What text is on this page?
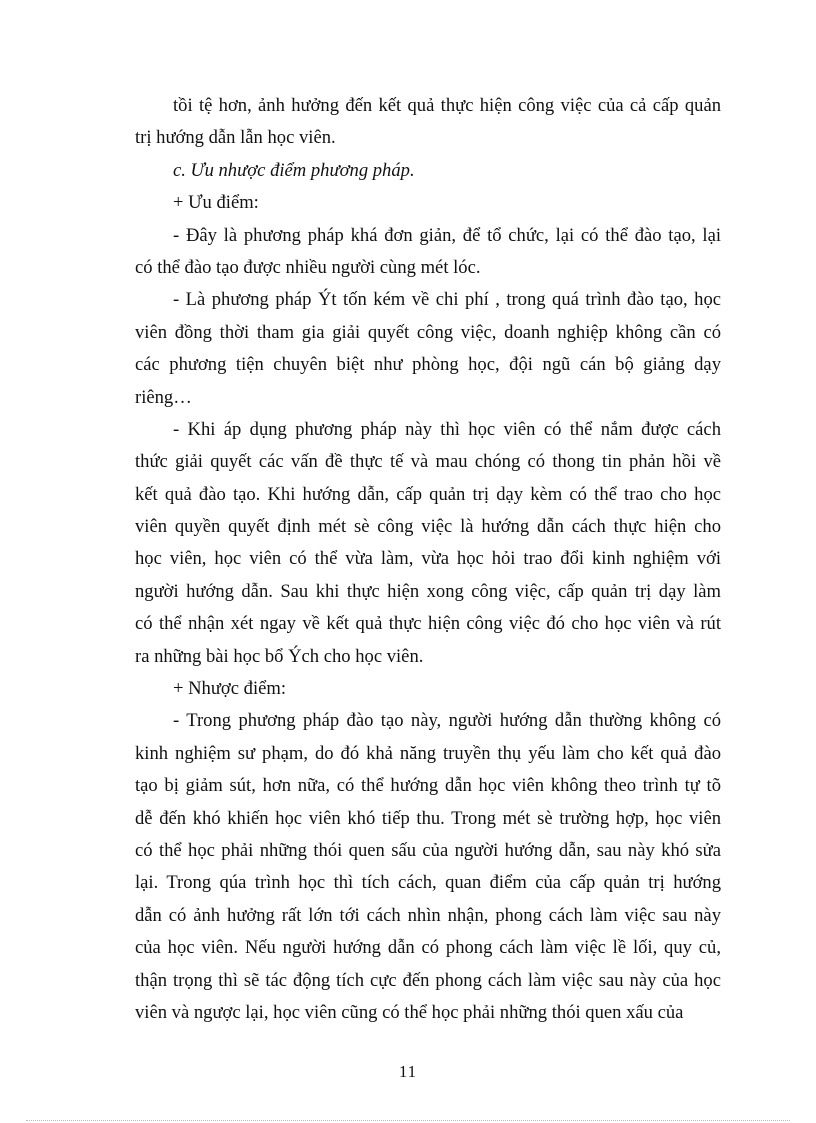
tồi tệ hơn, ảnh hưởng đến kết quả thực hiện công việc của cả cấp quản
trị hướng dẫn lẫn học viên.
c. Ưu nhược điểm phương pháp.
+ Ưu điểm:
- Đây là phương pháp khá đơn giản, để tổ chức, lại có thể đào tạo, lại
có thể đào tạo được nhiều người cùng mét lóc.
- Là phương pháp Ýt tốn kém về chi phí , trong quá trình đào tạo, học
viên đồng thời tham gia giải quyết công việc, doanh nghiệp không cần có
các phương tiện chuyên biệt như phòng học, đội ngũ cán bộ giảng dạy
riêng…
- Khi áp dụng phương pháp này thì học viên có thể nắm được cách
thức giải quyết các vấn đề thực tế và mau chóng có thong tin phản hồi về
kết quả đào tạo. Khi hướng dẫn, cấp quản trị dạy kèm có thể trao cho học
viên quyền quyết định mét sè công việc là hướng dẫn cách thực hiện cho
học viên, học viên có thể vừa làm, vừa học hỏi trao đổi kinh nghiệm với
người hướng dẫn. Sau khi thực hiện xong công việc, cấp quản trị dạy làm
có thể nhận xét ngay về kết quả thực hiện công việc đó cho học viên và rút
ra những bài học bổ Ých cho học viên.
+ Nhược điểm:
- Trong phương pháp đào tạo này, người hướng dẫn thường không có
kinh nghiệm sư phạm, do đó khả năng truyền thụ yếu làm cho kết quả đào
tạo bị giảm sút, hơn nữa, có thể hướng dẫn học viên không theo trình tự tõ
dễ đến khó khiến học viên khó tiếp thu. Trong mét sè trường hợp, học viên
có thể học phải những thói quen sấu của người hướng dẫn, sau này khó sửa
lại. Trong qúa trình học thì tích cách, quan điểm của cấp quản trị hướng
dẫn có ảnh hưởng rất lớn tới cách nhìn nhận, phong cách làm việc sau này
của học viên. Nếu người hướng dẫn có phong cách làm việc lề lối, quy củ,
thận trọng thì sẽ tác động tích cực đến phong cách làm việc sau này của học
viên và ngược lại, học viên cũng có thể học phải những thói quen xấu của
11
